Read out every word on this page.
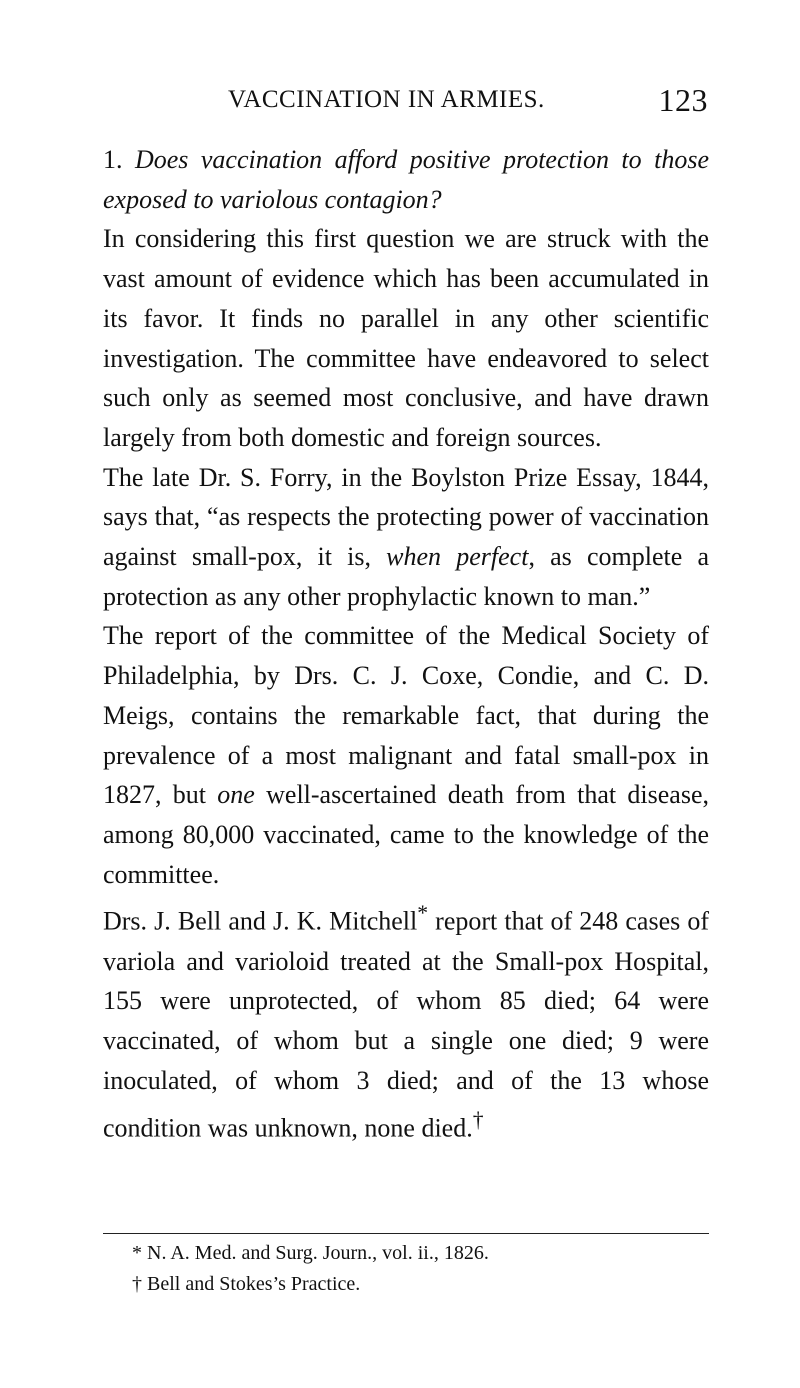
VACCINATION IN ARMIES.	123

1. Does vaccination afford positive protection to those exposed to variolous contagion?

In considering this first question we are struck with the vast amount of evidence which has been accumulated in its favor. It finds no parallel in any other scientific investigation. The committee have endeavored to select such only as seemed most conclusive, and have drawn largely from both domestic and foreign sources.

The late Dr. S. Forry, in the Boylston Prize Essay, 1844, says that, “as respects the protecting power of vaccination against small-pox, it is, when perfect, as complete a protection as any other prophylactic known to man.”

The report of the committee of the Medical Society of Philadelphia, by Drs. C. J. Coxe, Condie, and C. D. Meigs, contains the remarkable fact, that during the prevalence of a most malignant and fatal small-pox in 1827, but one well-ascertained death from that disease, among 80,000 vaccinated, came to the knowledge of the committee.

Drs. J. Bell and J. K. Mitchell* report that of 248 cases of variola and varioloid treated at the Small-pox Hospital, 155 were unprotected, of whom 85 died; 64 were vaccinated, of whom but a single one died; 9 were inoculated, of whom 3 died; and of the 13 whose condition was unknown, none died.†

* N. A. Med. and Surg. Journ., vol. ii., 1826.
† Bell and Stokes’s Practice.
